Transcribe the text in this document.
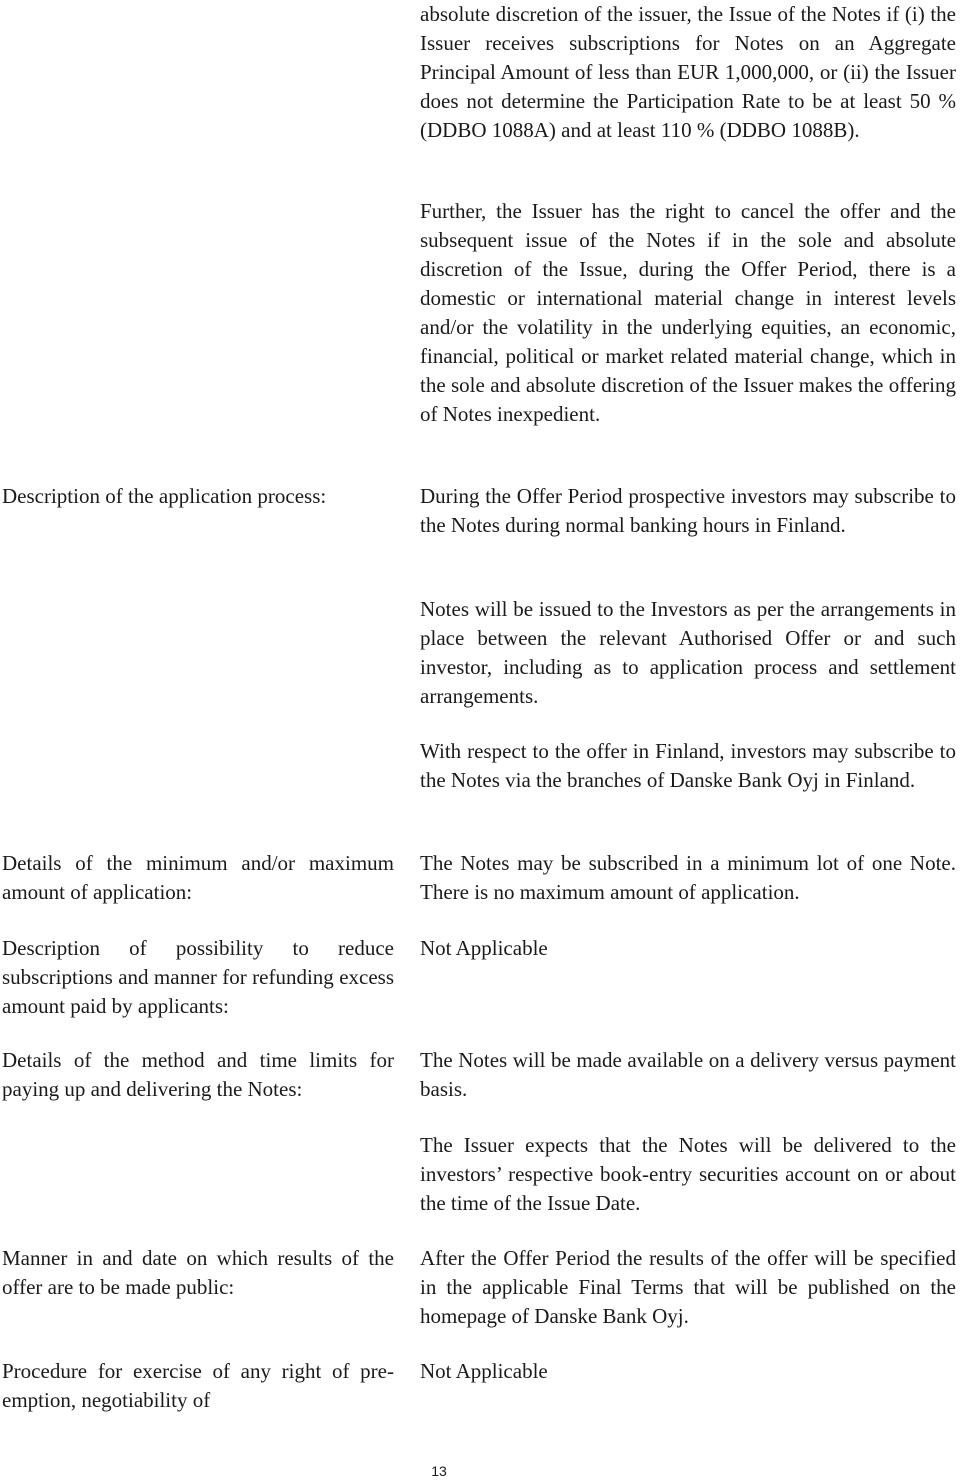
absolute discretion of the issuer, the Issue of the Notes if (i) the Issuer receives subscriptions for Notes on an Aggregate Principal Amount of less than EUR 1,000,000, or (ii) the Issuer does not determine the Participation Rate to be at least 50 % (DDBO 1088A) and at least 110 % (DDBO 1088B).

Further, the Issuer has the right to cancel the offer and the subsequent issue of the Notes if in the sole and absolute discretion of the Issue, during the Offer Period, there is a domestic or international material change in interest levels and/or the volatility in the underlying equities, an economic, financial, political or market related material change, which in the sole and absolute discretion of the Issuer makes the offering of Notes inexpedient.

Description of the application process:	During the Offer Period prospective investors may subscribe to the Notes during normal banking hours in Finland.

Notes will be issued to the Investors as per the arrangements in place between the relevant Authorised Offer or and such investor, including as to application process and settlement arrangements.

With respect to the offer in Finland, investors may subscribe to the Notes via the branches of Danske Bank Oyj in Finland.

Details of the minimum and/or maximum amount of application:

The Notes may be subscribed in a minimum lot of one Note. There is no maximum amount of application.

Description of possibility to reduce subscriptions and manner for refunding excess amount paid by applicants:

Not Applicable

Details of the method and time limits for paying up and delivering the Notes:

The Notes will be made available on a delivery versus payment basis.

The Issuer expects that the Notes will be delivered to the investors’ respective book-entry securities account on or about the time of the Issue Date.

Manner in and date on which results of the offer are to be made public:

After the Offer Period the results of the offer will be specified in the applicable Final Terms that will be published on the homepage of Danske Bank Oyj.

Procedure for exercise of any right of pre-emption, negotiability of

Not Applicable

13
